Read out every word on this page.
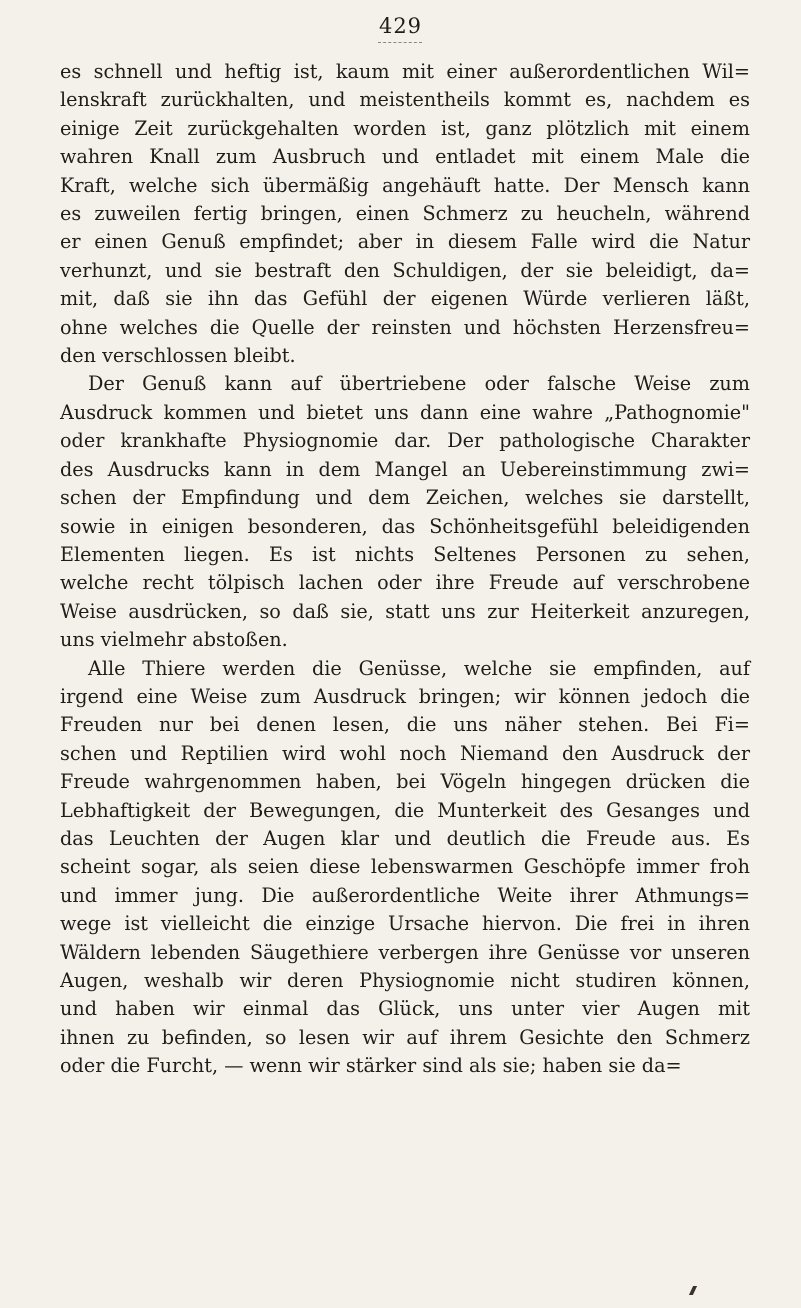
429
es schnell und heftig ist, kaum mit einer außerordentlichen Wil=
lenskraft zurückhalten, und meistentheils kommt es, nachdem es
einige Zeit zurückgehalten worden ist, ganz plötzlich mit einem
wahren Knall zum Ausbruch und entladet mit einem Male die
Kraft, welche sich übermäßig angehäuft hatte. Der Mensch kann
es zuweilen fertig bringen, einen Schmerz zu heucheln, während
er einen Genuß empfindet; aber in diesem Falle wird die Natur
verhunzt, und sie bestraft den Schuldigen, der sie beleidigt, da=
mit, daß sie ihn das Gefühl der eigenen Würde verlieren läßt,
ohne welches die Quelle der reinsten und höchsten Herzensfreu=
den verschlossen bleibt.
Der Genuß kann auf übertriebene oder falsche Weise zum
Ausdruck kommen und bietet uns dann eine wahre „Pathognomie"
oder krankhafte Physiognomie dar. Der pathologische Charakter
des Ausdrucks kann in dem Mangel an Uebereinstimmung zwi=
schen der Empfindung und dem Zeichen, welches sie darstellt,
sowie in einigen besonderen, das Schönheitsgefühl beleidigenden
Elementen liegen. Es ist nichts Seltenes Personen zu sehen,
welche recht tölpisch lachen oder ihre Freude auf verschrobene
Weise ausdrücken, so daß sie, statt uns zur Heiterkeit anzuregen,
uns vielmehr abstoßen.
Alle Thiere werden die Genüsse, welche sie empfinden, auf
irgend eine Weise zum Ausdruck bringen; wir können jedoch die
Freuden nur bei denen lesen, die uns näher stehen. Bei Fi=
schen und Reptilien wird wohl noch Niemand den Ausdruck der
Freude wahrgenommen haben, bei Vögeln hingegen drücken die
Lebhaftigkeit der Bewegungen, die Munterkeit des Gesanges und
das Leuchten der Augen klar und deutlich die Freude aus. Es
scheint sogar, als seien diese lebenswarmen Geschöpfe immer froh
und immer jung. Die außerordentliche Weite ihrer Athmungs=
wege ist vielleicht die einzige Ursache hiervon. Die frei in ihren
Wäldern lebenden Säugethiere verbergen ihre Genüsse vor unseren
Augen, weshalb wir deren Physiognomie nicht studiren können,
und haben wir einmal das Glück, uns unter vier Augen mit
ihnen zu befinden, so lesen wir auf ihrem Gesichte den Schmerz
oder die Furcht, — wenn wir stärker sind als sie; haben sie da=
